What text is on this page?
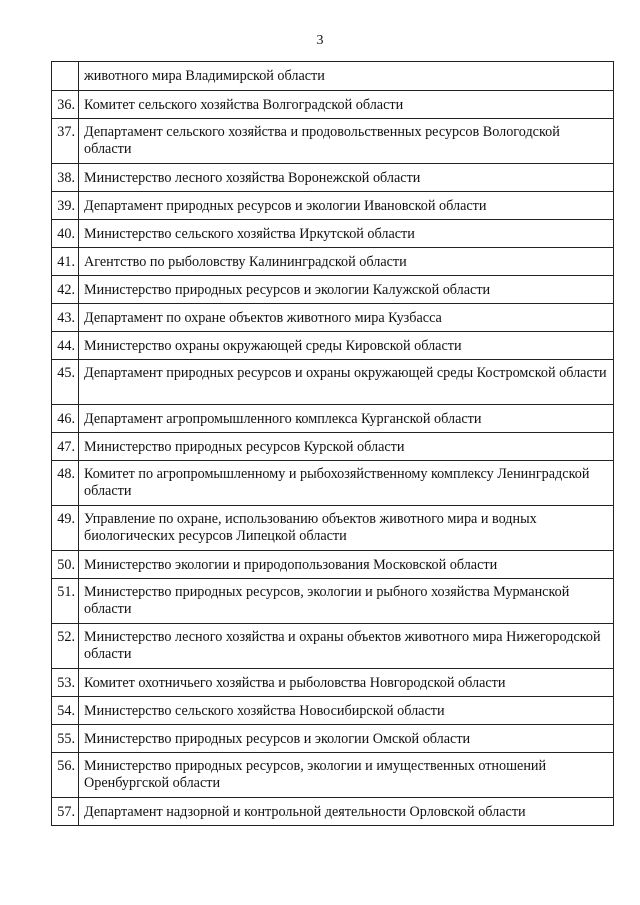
3
	животного мира Владимирской области
36.	Комитет сельского хозяйства Волгоградской области
37.	Департамент сельского хозяйства и продовольственных ресурсов Вологодской области
38.	Министерство лесного хозяйства Воронежской области
39.	Департамент природных ресурсов и экологии Ивановской области
40.	Министерство сельского хозяйства Иркутской области
41.	Агентство по рыболовству Калининградской области
42.	Министерство природных ресурсов и экологии Калужской области
43.	Департамент по охране объектов животного мира Кузбасса
44.	Министерство охраны окружающей среды Кировской области
45.	Департамент природных ресурсов и охраны окружающей среды Костромской области
46.	Департамент агропромышленного комплекса Курганской области
47.	Министерство природных ресурсов Курской области
48.	Комитет по агропромышленному и рыбохозяйственному комплексу Ленинградской области
49.	Управление по охране, использованию объектов животного мира и водных биологических ресурсов Липецкой области
50.	Министерство экологии и природопользования Московской области
51.	Министерство природных ресурсов, экологии и рыбного хозяйства Мурманской области
52.	Министерство лесного хозяйства и охраны объектов животного мира Нижегородской области
53.	Комитет охотничьего хозяйства и рыболовства Новгородской области
54.	Министерство сельского хозяйства Новосибирской области
55.	Министерство природных ресурсов и экологии Омской области
56.	Министерство природных ресурсов, экологии и имущественных отношений Оренбургской области
57.	Департамент надзорной и контрольной деятельности Орловской области
